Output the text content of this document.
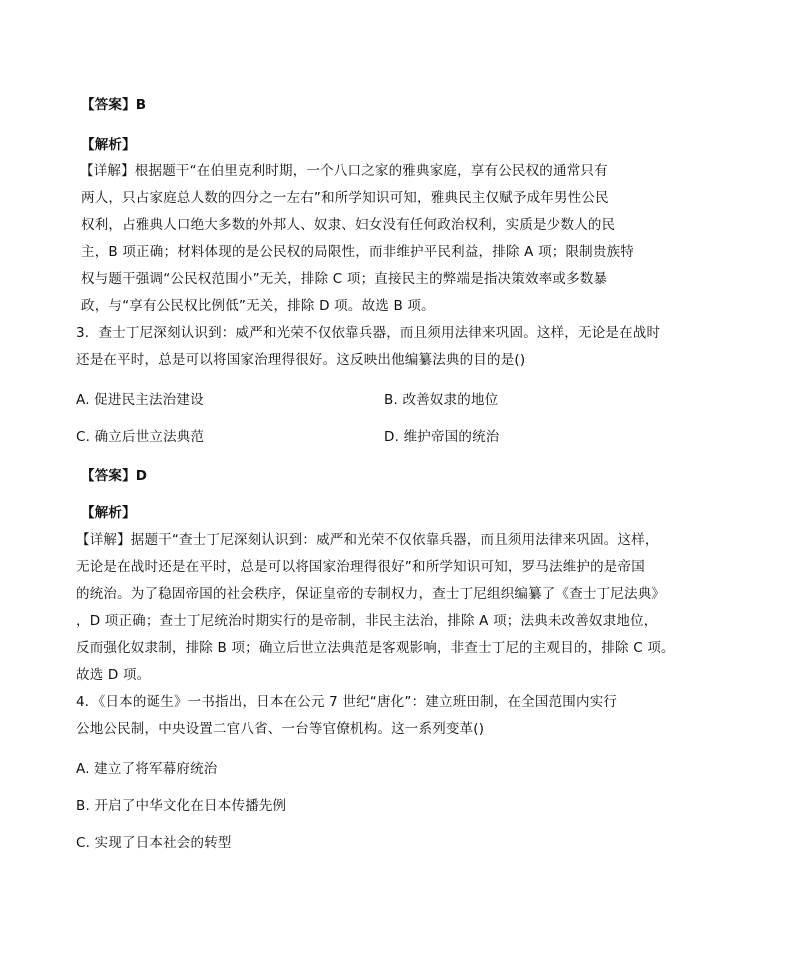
【答案】B
【解析】
【详解】根据题干“在伯里克利时期，一个八口之家的雅典家庭，享有公民权的通常只有
两人，只占家庭总人数的四分之一左右”和所学知识可知，雅典民主仅赋予成年男性公民
权利，占雅典人口绝大多数的外邦人、奴隶、妇女没有任何政治权利，实质是少数人的民
主，B 项正确；材料体现的是公民权的局限性，而非维护平民利益，排除 A 项；限制贵族特
权与题干强调“公民权范围小”无关，排除 C 项；直接民主的弊端是指决策效率或多数暴
政，与“享有公民权比例低”无关，排除 D 项。故选 B 项。
3．查士丁尼深刻认识到：威严和光荣不仅依靠兵器，而且须用法律来巩固。这样，无论是在战时
还是在平时，总是可以将国家治理得很好。这反映出他编纂法典的目的是()
A. 促进民主法治建设	B. 改善奴隶的地位
C. 确立后世立法典范	D. 维护帝国的统治
【答案】D
【解析】
【详解】据题干“查士丁尼深刻认识到：威严和光荣不仅依靠兵器，而且须用法律来巩固。这样，
无论是在战时还是在平时，总是可以将国家治理得很好”和所学知识可知，罗马法维护的是帝国
的统治。为了稳固帝国的社会秩序，保证皇帝的专制权力，查士丁尼组织编纂了《查士丁尼法典》
，D 项正确；查士丁尼统治时期实行的是帝制，非民主法治，排除 A 项；法典未改善奴隶地位，
反而强化奴隶制，排除 B 项；确立后世立法典范是客观影响，非查士丁尼的主观目的，排除 C 项。
故选 D 项。
4．《日本的诞生》一书指出，日本在公元 7 世纪“唐化”：建立班田制，在全国范围内实行
公地公民制，中央设置二官八省、一台等官僚机构。这一系列变革()
A. 建立了将军幕府统治
B. 开启了中华文化在日本传播先例
C. 实现了日本社会的转型
